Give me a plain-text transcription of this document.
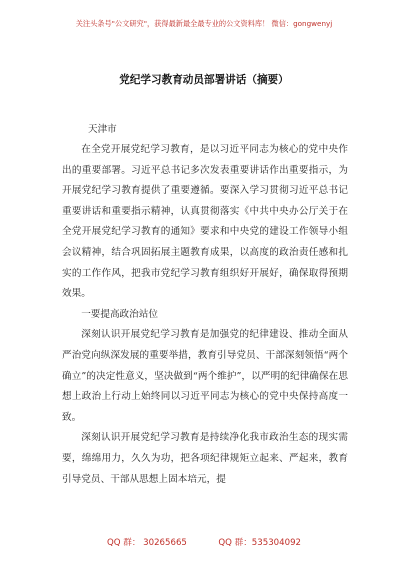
关注头条号"公文研究"，获得最新最全最专业的公文资料库！ 微信：gongwenyj
党纪学习教育动员部署讲话（摘要）
天津市

在全党开展党纪学习教育，是以习近平同志为核心的党中央作出的重要部署。习近平总书记多次发表重要讲话作出重要指示，为开展党纪学习教育提供了重要遵循。要深入学习贯彻习近平总书记重要讲话和重要指示精神，认真贯彻落实《中共中央办公厅关于在全党开展党纪学习教育的通知》要求和中央党的建设工作领导小组会议精神，结合巩固拓展主题教育成果，以高度的政治责任感和扎实的工作作风，把我市党纪学习教育组织好开展好，确保取得预期效果。

一要提高政治站位

深刻认识开展党纪学习教育是加强党的纪律建设、推动全面从严治党向纵深发展的重要举措，教育引导党员、干部深刻领悟“两个确立”的决定性意义，坚决做到“两个维护”，以严明的纪律确保在思想上政治上行动上始终同以习近平同志为核心的党中央保持高度一致。

深刻认识开展党纪学习教育是持续净化我市政治生态的现实需要，绵绵用力，久久为功，把各项纪律规矩立起来、严起来，教育引导党员、干部从思想上固本培元，提

QQ 群： 30265665	QQ 群：535304092
